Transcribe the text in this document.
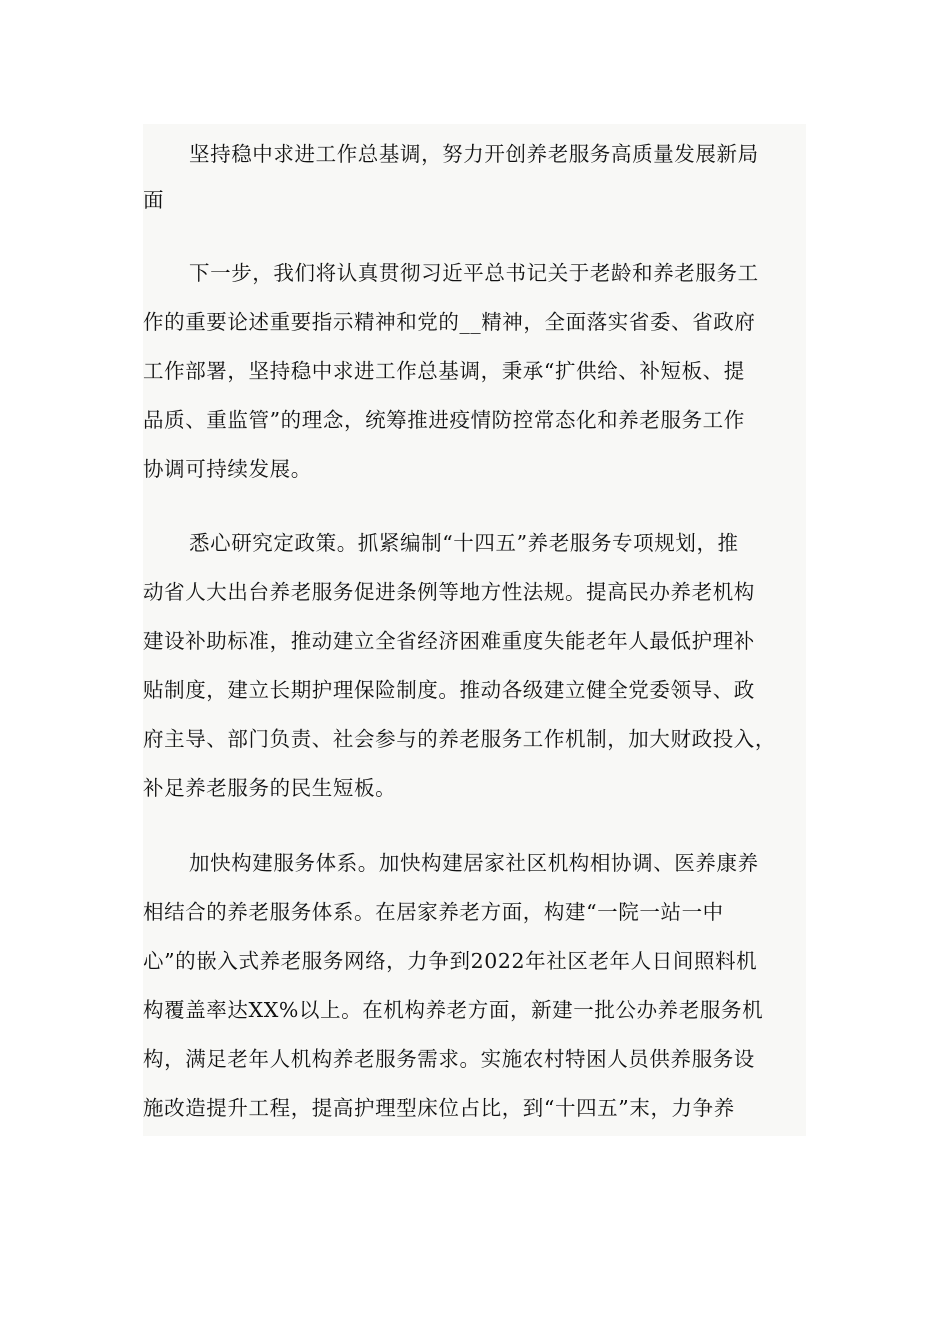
坚持稳中求进工作总基调，努力开创养老服务高质量发展新局
面
下一步，我们将认真贯彻习近平总书记关于老龄和养老服务工
作的重要论述重要指示精神和党的__精神，全面落实省委、省政府
工作部署，坚持稳中求进工作总基调，秉承“扩供给、补短板、提
品质、重监管”的理念，统筹推进疫情防控常态化和养老服务工作
协调可持续发展。
悉心研究定政策。抓紧编制“十四五”养老服务专项规划，推
动省人大出台养老服务促进条例等地方性法规。提高民办养老机构
建设补助标准，推动建立全省经济困难重度失能老年人最低护理补
贴制度，建立长期护理保险制度。推动各级建立健全党委领导、政
府主导、部门负责、社会参与的养老服务工作机制，加大财政投入，
补足养老服务的民生短板。
加快构建服务体系。加快构建居家社区机构相协调、医养康养
相结合的养老服务体系。在居家养老方面，构建“一院一站一中
心”的嵌入式养老服务网络，力争到2022年社区老年人日间照料机
构覆盖率达XX%以上。在机构养老方面，新建一批公办养老服务机
构，满足老年人机构养老服务需求。实施农村特困人员供养服务设
施改造提升工程，提高护理型床位占比，到“十四五”末，力争养
